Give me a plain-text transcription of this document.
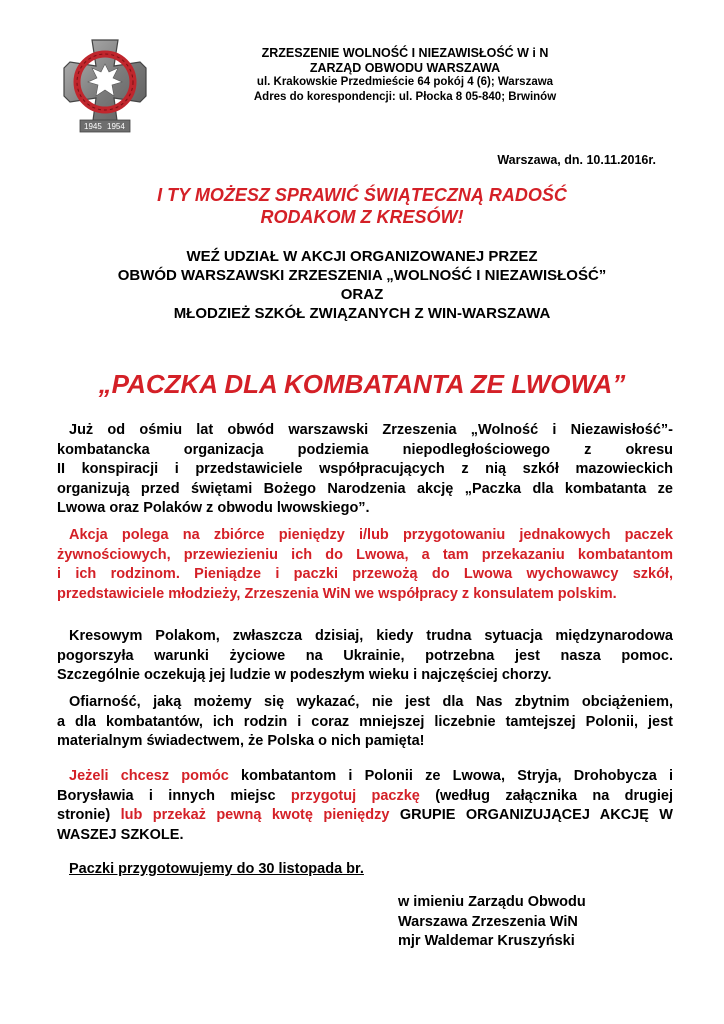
1945 1954
ZRZESZENIE WOLNOŚĆ I NIEZAWISŁOŚĆ W i N
ZARZĄD OBWODU WARSZAWA
ul. Krakowskie Przedmieście 64 pokój 4 (6); Warszawa
Adres do korespondencji: ul. Płocka 8 05-840; Brwinów
Warszawa, dn. 10.11.2016r.
I TY MOŻESZ SPRAWIĆ ŚWIĄTECZNĄ RADOŚĆ
RODAKOM Z KRESÓW!
WEŹ UDZIAŁ W AKCJI ORGANIZOWANEJ PRZEZ
OBWÓD WARSZAWSKI ZRZESZENIA „WOLNOŚĆ I NIEZAWISŁOŚĆ”
ORAZ
MŁODZIEŻ SZKÓŁ ZWIĄZANYCH Z WIN-WARSZAWA
„PACZKA DLA KOMBATANTA ZE LWOWA”
Już od ośmiu lat obwód warszawski Zrzeszenia „Wolność i Niezawisłość”-
kombatancka organizacja podziemia niepodległościowego z okresu
II konspiracji i przedstawiciele współpracujących z nią szkół mazowieckich
organizują przed świętami Bożego Narodzenia akcję „Paczka dla kombatanta ze
Lwowa oraz Polaków z obwodu lwowskiego”.
Akcja polega na zbiórce pieniędzy i/lub przygotowaniu jednakowych paczek
żywnościowych, przewiezieniu ich do Lwowa, a tam przekazaniu kombatantom
i ich rodzinom. Pieniądze i paczki przewożą do Lwowa wychowawcy szkół,
przedstawiciele młodzieży, Zrzeszenia WiN we współpracy z konsulatem polskim.
Kresowym Polakom, zwłaszcza dzisiaj, kiedy trudna sytuacja międzynarodowa
pogorszyła warunki życiowe na Ukrainie, potrzebna jest nasza pomoc.
Szczególnie oczekują jej ludzie w podeszłym wieku i najczęściej chorzy.
Ofiarność, jaką możemy się wykazać, nie jest dla Nas zbytnim obciążeniem,
a dla kombatantów, ich rodzin i coraz mniejszej liczebnie tamtejszej Polonii, jest
materialnym świadectwem, że Polska o nich pamięta!
Jeżeli chcesz pomóc kombatantom i Polonii ze Lwowa, Stryja, Drohobycza i
Borysławia i innych miejsc przygotuj paczkę (według załącznika na drugiej
stronie) lub przekaż pewną kwotę pieniędzy GRUPIE ORGANIZUJĄCEJ AKCJĘ W
WASZEJ SZKOLE.
Paczki przygotowujemy do 30 listopada br.
w imieniu Zarządu Obwodu
Warszawa Zrzeszenia WiN
mjr Waldemar Kruszyński
